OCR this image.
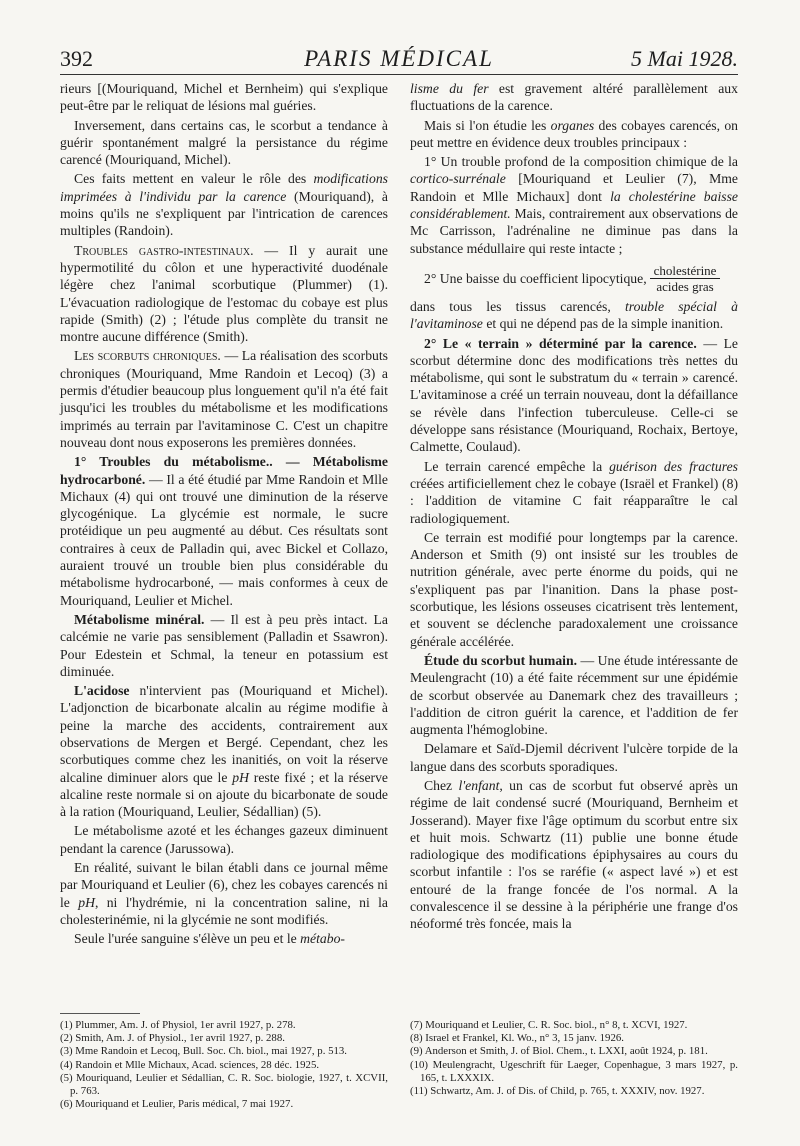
392	PARIS MÉDICAL	5 Mai 1928.

rieurs [(Mouriquand, Michel et Bernheim) qui s'explique peut-être par le reliquat de lésions mal guéries.

Inversement, dans certains cas, le scorbut a tendance à guérir spontanément malgré la persistance du régime carencé (Mouriquand, Michel).

Ces faits mettent en valeur le rôle des modifications imprimées à l'individu par la carence (Mouriquand), à moins qu'ils ne s'expliquent par l'intrication de carences multiples (Randoin).

Troubles gastro-intestinaux. — Il y aurait une hypermotilité du côlon et une hyperactivité duodénale légère chez l'animal scorbutique (Plummer) (1). L'évacuation radiologique de l'estomac du cobaye est plus rapide (Smith) (2) ; l'étude plus complète du transit ne montre aucune différence (Smith).

Les scorbuts chroniques. — La réalisation des scorbuts chroniques (Mouriquand, Mme Randoin et Lecoq) (3) a permis d'étudier beaucoup plus longuement qu'il n'a été fait jusqu'ici les troubles du métabolisme et les modifications imprimés au terrain par l'avitaminose C. C'est un chapitre nouveau dont nous exposerons les premières données.

1° Troubles du métabolisme.. — Métabolisme hydrocarboné. — Il a été étudié par Mme Randoin et Mlle Michaux (4) qui ont trouvé une diminution de la réserve glycogénique. La glycémie est normale, le sucre protéidique un peu augmenté au début. Ces résultats sont contraires à ceux de Palladin qui, avec Bickel et Collazo, auraient trouvé un trouble bien plus considérable du métabolisme hydrocarboné, — mais conformes à ceux de Mouriquand, Leulier et Michel.

Métabolisme minéral. — Il est à peu près intact. La calcémie ne varie pas sensiblement (Palladin et Ssawron). Pour Edestein et Schmal, la teneur en potassium est diminuée.

L'acidose n'intervient pas (Mouriquand et Michel). L'adjonction de bicarbonate alcalin au régime modifie à peine la marche des accidents, contrairement aux observations de Mergen et Bergé. Cependant, chez les scorbutiques comme chez les inanitiés, on voit la réserve alcaline diminuer alors que le pH reste fixé ; et la réserve alcaline reste normale si on ajoute du bicarbonate de soude à la ration (Mouriquand, Leulier, Sédallian) (5).

Le métabolisme azoté et les échanges gazeux diminuent pendant la carence (Jarussowa).

En réalité, suivant le bilan établi dans ce journal même par Mouriquand et Leulier (6), chez les cobayes carencés ni le pH, ni l'hydrémie, ni la concentration saline, ni la cholesterinémie, ni la glycémie ne sont modifiés.

Seule l'urée sanguine s'élève un peu et le métabo-

lisme du fer est gravement altéré parallèlement aux fluctuations de la carence.

Mais si l'on étudie les organes des cobayes carencés, on peut mettre en évidence deux troubles principaux :

1° Un trouble profond de la composition chimique de la cortico-surrénale [Mouriquand et Leulier (7), Mme Randoin et Mlle Michaux] dont la cholestérine baisse considérablement. Mais, contrairement aux observations de Mc Carrisson, l'adrénaline ne diminue pas dans la substance médullaire qui reste intacte ;

2° Une baisse du coefficient lipocytique, $\frac{\text{cholestérine}}{\text{acides gras}}$

dans tous les tissus carencés, trouble spécial à l'avitaminose et qui ne dépend pas de la simple inanition.

2° Le « terrain » déterminé par la carence. — Le scorbut détermine donc des modifications très nettes du métabolisme, qui sont le substratum du « terrain » carencé. L'avitaminose a créé un terrain nouveau, dont la défaillance se révèle dans l'infection tuberculeuse. Celle-ci se développe sans résistance (Mouriquand, Rochaix, Bertoye, Calmette, Coulaud).

Le terrain carencé empêche la guérison des fractures créées artificiellement chez le cobaye (Israël et Frankel) (8) : l'addition de vitamine C fait réapparaître le cal radiologiquement.

Ce terrain est modifié pour longtemps par la carence. Anderson et Smith (9) ont insisté sur les troubles de nutrition générale, avec perte énorme du poids, qui ne s'expliquent pas par l'inanition. Dans la phase post-scorbutique, les lésions osseuses cicatrisent très lentement, et souvent se déclenche paradoxalement une croissance générale accélérée.

Étude du scorbut humain. — Une étude intéressante de Meulengracht (10) a été faite récemment sur une épidémie de scorbut observée au Danemark chez des travailleurs ; l'addition de citron guérit la carence, et l'addition de fer augmenta l'hémoglobine.

Delamare et Saïd-Djemil décrivent l'ulcère torpide de la langue dans des scorbuts sporadiques.

Chez l'enfant, un cas de scorbut fut observé après un régime de lait condensé sucré (Mouriquand, Bernheim et Josserand). Mayer fixe l'âge optimum du scorbut entre six et huit mois. Schwartz (11) publie une bonne étude radiologique des modifications épiphysaires au cours du scorbut infantile : l'os se raréfie (« aspect lavé ») et est entouré de la frange foncée de l'os normal. A la convalescence il se dessine à la périphérie une frange d'os néoformé très foncée, mais la

(1) Plummer, Am. J. of Physiol, 1er avril 1927, p. 278.
(2) Smith, Am. J. of Physiol., 1er avril 1927, p. 288.
(3) Mme Randoin et Lecoq, Bull. Soc. Ch. biol., mai 1927, p. 513.
(4) Randoin et Mlle Michaux, Acad. sciences, 28 déc. 1925.
(5) Mouriquand, Leulier et Sédallian, C. R. Soc. biologie, 1927, t. XCVII, p. 763.
(6) Mouriquand et Leulier, Paris médical, 7 mai 1927.
(7) Mouriquand et Leulier, C. R. Soc. biol., n° 8, t. XCVI, 1927.
(8) Israel et Frankel, Kl. Wo., n° 3, 15 janv. 1926.
(9) Anderson et Smith, J. of Biol. Chem., t. LXXI, août 1924, p. 181.
(10) Meulengracht, Ugeschrift für Laeger, Copenhague, 3 mars 1927, p. 165, t. LXXXIX.
(11) Schwartz, Am. J. of Dis. of Child, p. 765, t. XXXIV, nov. 1927.
